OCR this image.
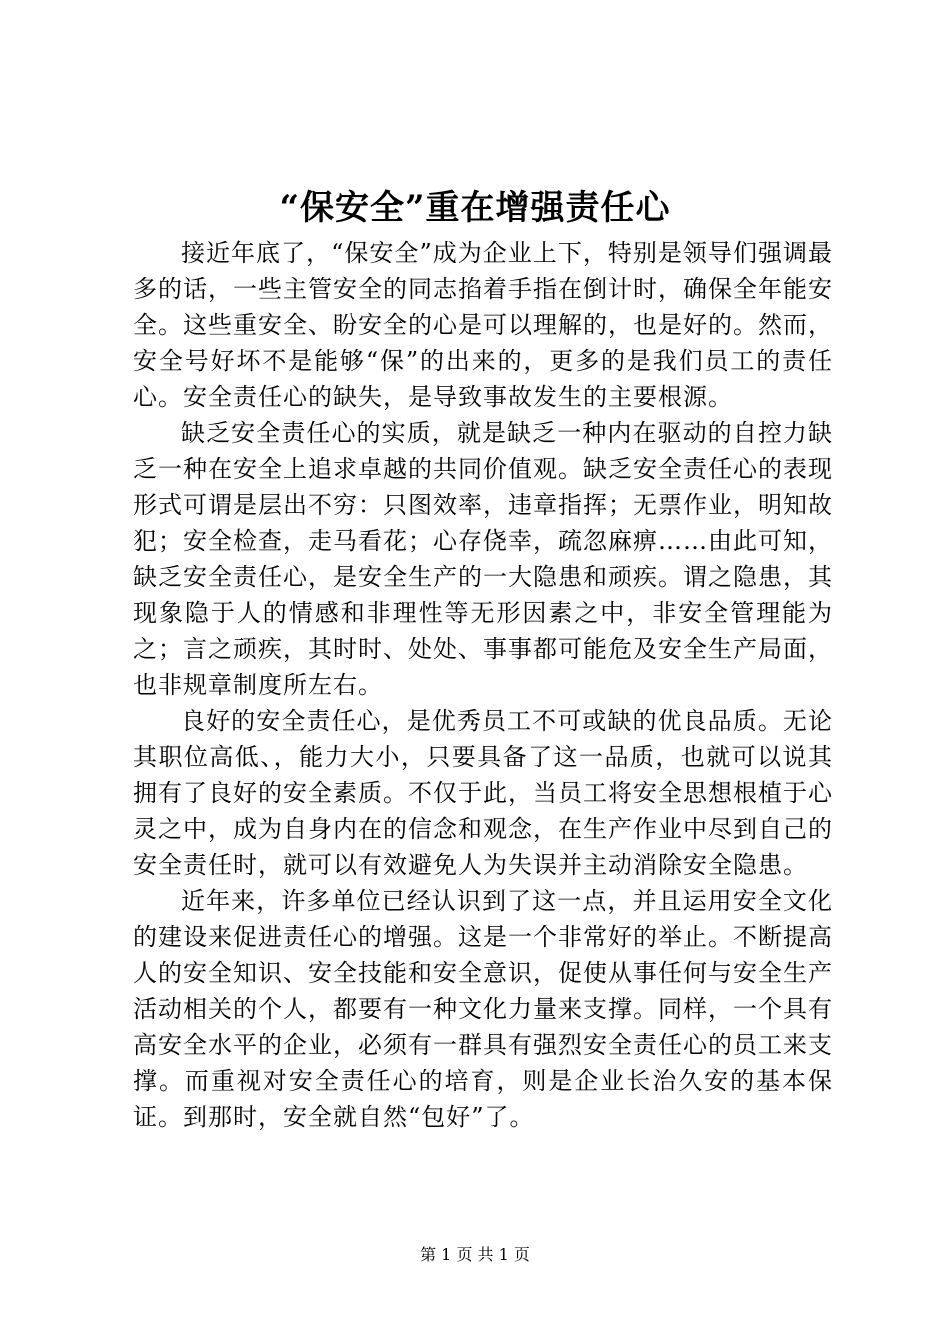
“保安全”重在增强责任心

接近年底了，“保安全”成为企业上下，特别是领导们强调最多的话，一些主管安全的同志掐着手指在倒计时，确保全年能安全。这些重安全、盼安全的心是可以理解的，也是好的。然而，安全号好坏不是能够“保”的出来的，更多的是我们员工的责任心。安全责任心的缺失，是导致事故发生的主要根源。

缺乏安全责任心的实质，就是缺乏一种内在驱动的自控力缺乏一种在安全上追求卓越的共同价值观。缺乏安全责任心的表现形式可谓是层出不穷：只图效率，违章指挥；无票作业，明知故犯；安全检查，走马看花；心存侥幸，疏忽麻痹……由此可知，缺乏安全责任心，是安全生产的一大隐患和顽疾。谓之隐患，其现象隐于人的情感和非理性等无形因素之中，非安全管理能为之；言之顽疾，其时时、处处、事事都可能危及安全生产局面，也非规章制度所左右。

良好的安全责任心，是优秀员工不可或缺的优良品质。无论其职位高低、，能力大小，只要具备了这一品质，也就可以说其拥有了良好的安全素质。不仅于此，当员工将安全思想根植于心灵之中，成为自身内在的信念和观念，在生产作业中尽到自己的安全责任时，就可以有效避免人为失误并主动消除安全隐患。

近年来，许多单位已经认识到了这一点，并且运用安全文化的建设来促进责任心的增强。这是一个非常好的举止。不断提高人的安全知识、安全技能和安全意识，促使从事任何与安全生产活动相关的个人，都要有一种文化力量来支撑。同样，一个具有高安全水平的企业，必须有一群具有强烈安全责任心的员工来支撑。而重视对安全责任心的培育，则是企业长治久安的基本保证。到那时，安全就自然“包好”了。

第 1 页 共 1 页
